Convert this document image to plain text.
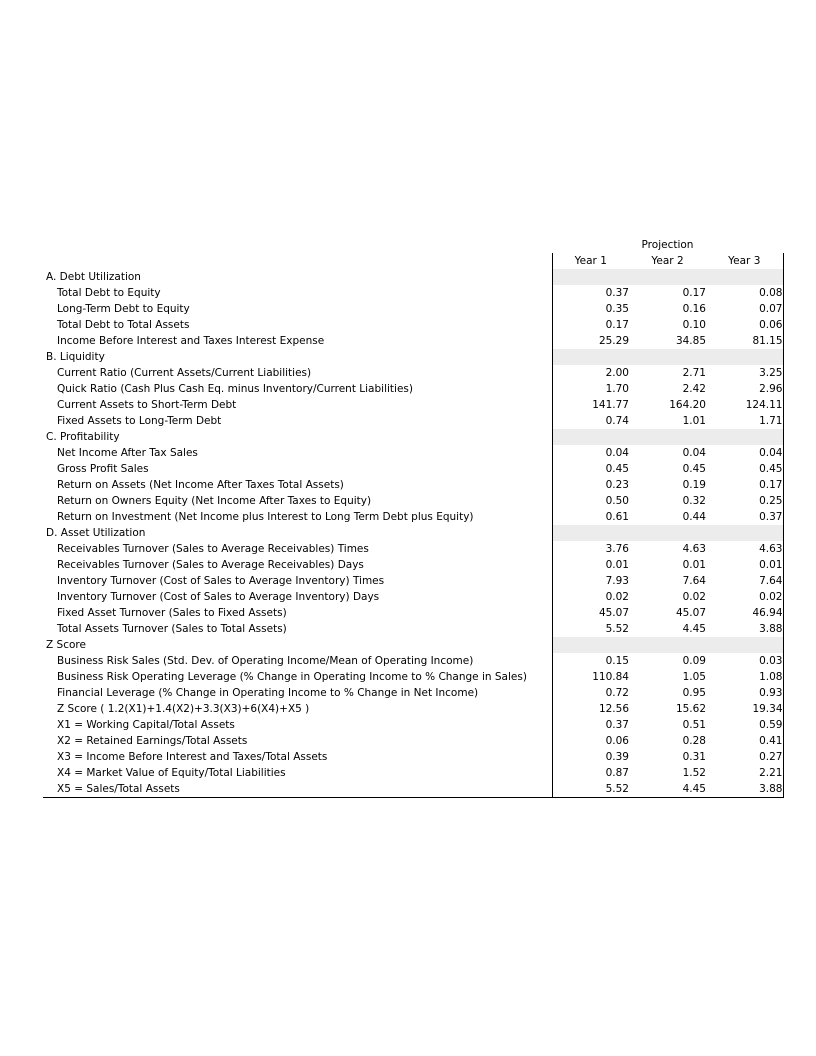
	Projection		
	Year 1	Year 2	Year 3
A. Debt Utilization			
Total Debt to Equity	0.37	0.17	0.08
Long-Term Debt to Equity	0.35	0.16	0.07
Total Debt to Total Assets	0.17	0.10	0.06
Income Before Interest and Taxes Interest Expense	25.29	34.85	81.15
B. Liquidity			
Current Ratio (Current Assets/Current Liabilities)	2.00	2.71	3.25
Quick Ratio (Cash Plus Cash Eq. minus Inventory/Current Liabilities)	1.70	2.42	2.96
Current Assets to Short-Term Debt	141.77	164.20	124.11
Fixed Assets to Long-Term Debt	0.74	1.01	1.71
C. Profitability			
Net Income After Tax Sales	0.04	0.04	0.04
Gross Profit Sales	0.45	0.45	0.45
Return on Assets (Net Income After Taxes Total Assets)	0.23	0.19	0.17
Return on Owners Equity (Net Income After Taxes to Equity)	0.50	0.32	0.25
Return on Investment (Net Income plus Interest to Long Term Debt plus Equity)	0.61	0.44	0.37
D. Asset Utilization			
Receivables Turnover (Sales to Average Receivables) Times	3.76	4.63	4.63
Receivables Turnover (Sales to Average Receivables) Days	0.01	0.01	0.01
Inventory Turnover (Cost of Sales to Average Inventory) Times	7.93	7.64	7.64
Inventory Turnover (Cost of Sales to Average Inventory) Days	0.02	0.02	0.02
Fixed Asset Turnover (Sales to Fixed Assets)	45.07	45.07	46.94
Total Assets Turnover (Sales to Total Assets)	5.52	4.45	3.88
Z Score			
Business Risk Sales (Std. Dev. of Operating Income/Mean of Operating Income)	0.15	0.09	0.03
Business Risk Operating Leverage (% Change in Operating Income to % Change in Sales)	110.84	1.05	1.08
Financial Leverage (% Change in Operating Income to % Change in Net Income)	0.72	0.95	0.93
Z Score ( 1.2(X1)+1.4(X2)+3.3(X3)+6(X4)+X5 )	12.56	15.62	19.34
X1 = Working Capital/Total Assets	0.37	0.51	0.59
X2 = Retained Earnings/Total Assets	0.06	0.28	0.41
X3 = Income Before Interest and Taxes/Total Assets	0.39	0.31	0.27
X4 = Market Value of Equity/Total Liabilities	0.87	1.52	2.21
X5 = Sales/Total Assets	5.52	4.45	3.88
